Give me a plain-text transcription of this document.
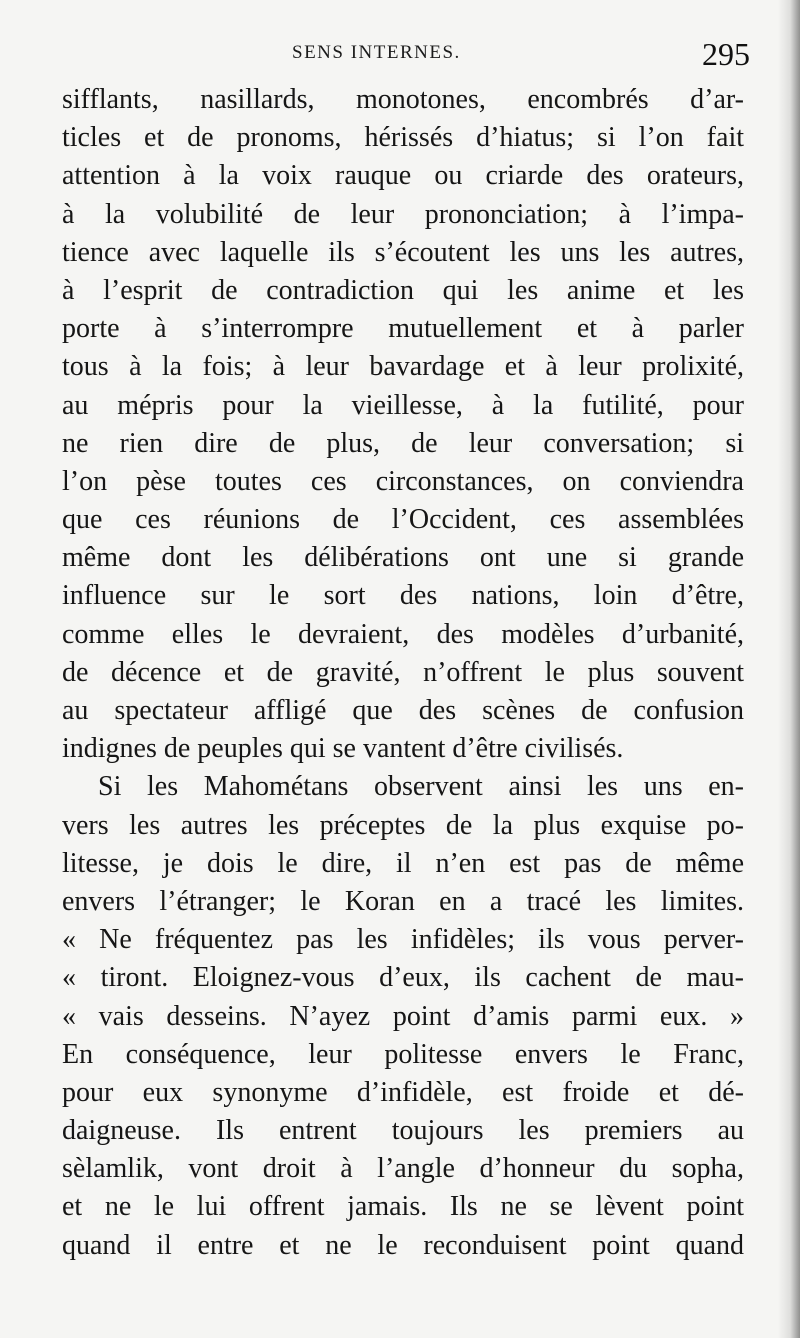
SENS INTERNES.	295
sifflants, nasillards, monotones, encombrés d’ar-
ticles et de pronoms, hérissés d’hiatus; si l’on fait
attention à la voix rauque ou criarde des orateurs,
à la volubilité de leur prononciation; à l’impa-
tience avec laquelle ils s’écoutent les uns les autres,
à l’esprit de contradiction qui les anime et les
porte à s’interrompre mutuellement et à parler
tous à la fois; à leur bavardage et à leur prolixité,
au mépris pour la vieillesse, à la futilité, pour
ne rien dire de plus, de leur conversation; si
l’on pèse toutes ces circonstances, on conviendra
que ces réunions de l’Occident, ces assemblées
même dont les délibérations ont une si grande
influence sur le sort des nations, loin d’être,
comme elles le devraient, des modèles d’urbanité,
de décence et de gravité, n’offrent le plus souvent
au spectateur affligé que des scènes de confusion
indignes de peuples qui se vantent d’être civilisés.
Si les Mahométans observent ainsi les uns en-
vers les autres les préceptes de la plus exquise po-
litesse, je dois le dire, il n’en est pas de même
envers l’étranger; le Koran en a tracé les limites.
« Ne fréquentez pas les infidèles; ils vous perver-
« tiront. Eloignez-vous d’eux, ils cachent de mau-
« vais desseins. N’ayez point d’amis parmi eux. »
En conséquence, leur politesse envers le Franc,
pour eux synonyme d’infidèle, est froide et dé-
daigneuse. Ils entrent toujours les premiers au
sèlamlik, vont droit à l’angle d’honneur du sopha,
et ne le lui offrent jamais. Ils ne se lèvent point
quand il entre et ne le reconduisent point quand
